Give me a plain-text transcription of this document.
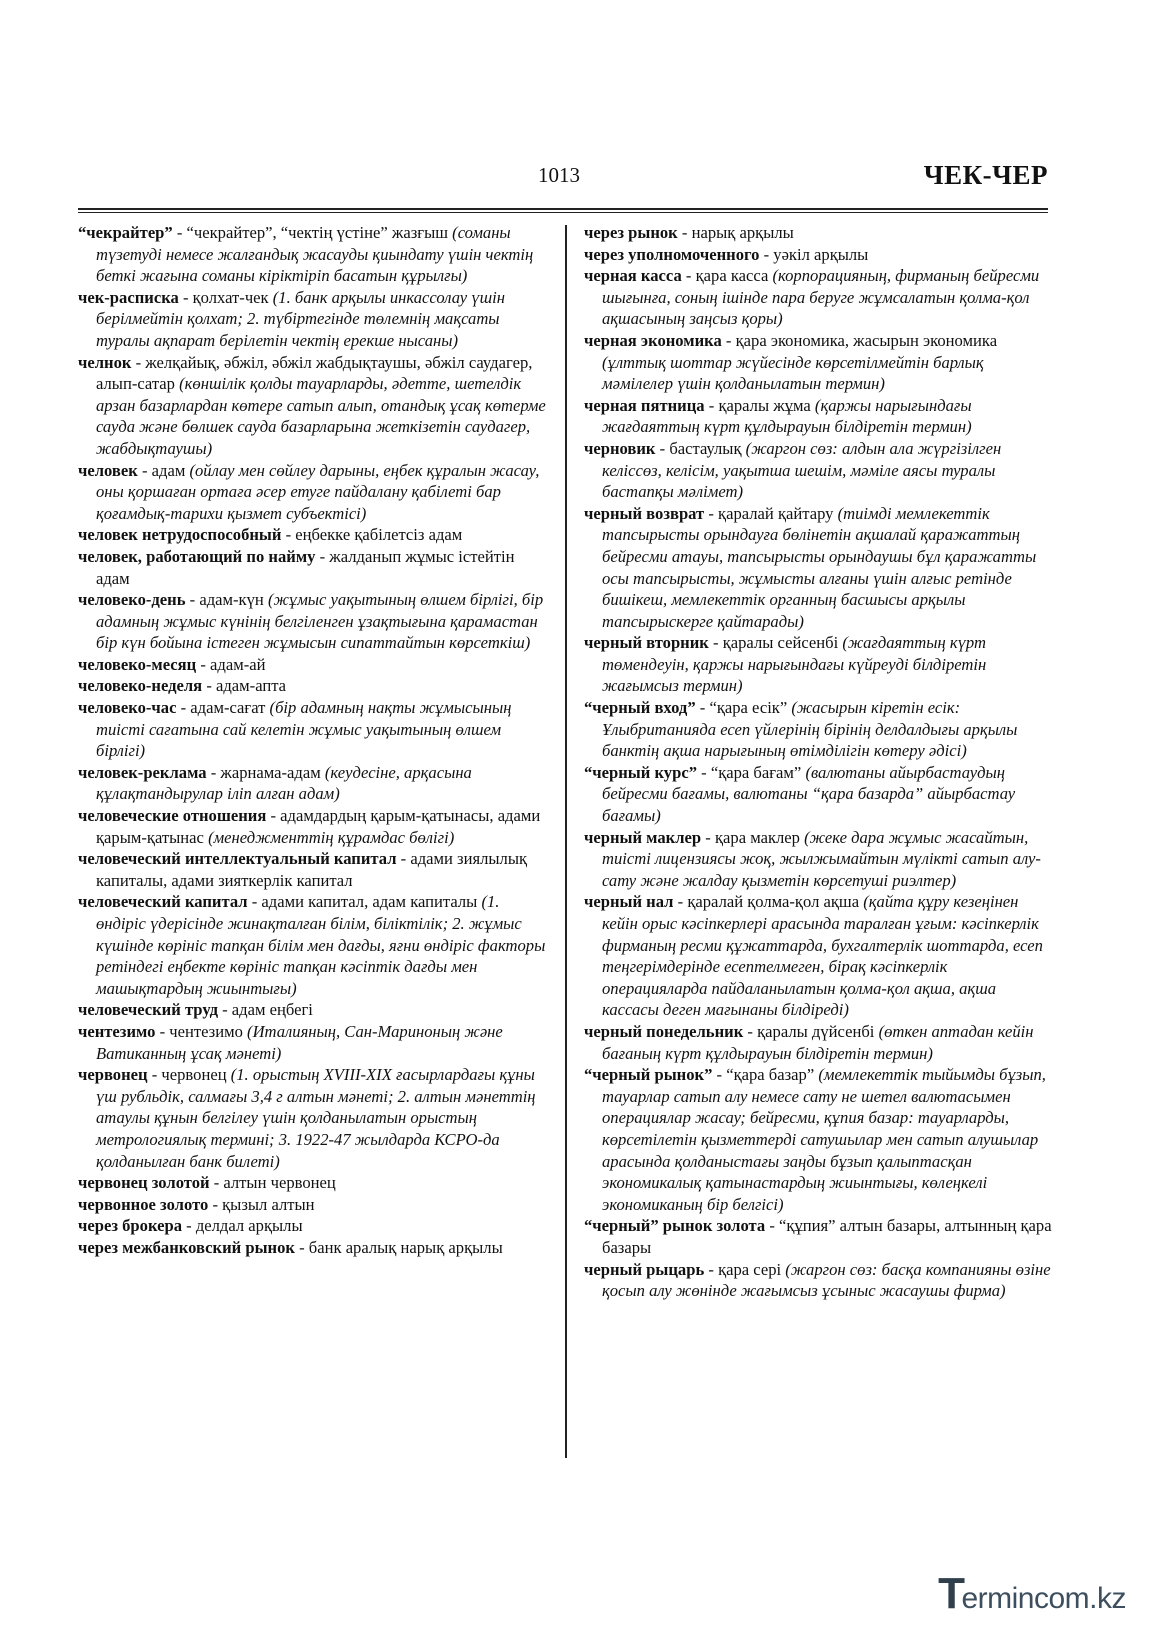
1013	ЧЕК-ЧЕР

“чекрайтер” - “чекрайтер”, “чектің үстіне” жазғыш (соманы түзетуді немесе жалғандық жасауды қиындату үшін чектің беткі жағына соманы кіріктіріп басатын құрылғы)

чек-расписка - қолхат-чек (1. банк арқылы инкассолау үшін берілмейтін қолхат; 2. түбіртегінде төлемнің мақсаты туралы ақпарат берілетін чектің ерекше нысаны)

челнок - желқайық, әбжіл, әбжіл жабдықтаушы, әбжіл саудагер, алып-сатар (көншілік қолды тауарларды, әдетте, шетелдік арзан базарлардан көтере сатып алып, отандық ұсақ көтерме сауда және бөлшек сауда базарларына жеткізетін саудагер, жабдықтаушы)

человек - адам (ойлау мен сөйлеу дарыны, еңбек құралын жасау, оны қоршаған ортаға әсер етуге пайдалану қабілеті бар қоғамдық-тарихи қызмет субъектісі)

человек нетрудоспособный - еңбекке қабілетсіз адам

человек, работающий по найму - жалданып жұмыс істейтін адам

человеко-день - адам-күн (жұмыс уақытының өлшем бірлігі, бір адамның жұмыс күнінің белгіленген ұзақтығына қарамастан бір күн бойына істеген жұмысын сипаттайтын көрсеткіш)

человеко-месяц - адам-ай

человеко-неделя - адам-апта

человеко-час - адам-сағат (бір адамның нақты жұмысының тиісті сағатына сай келетін жұмыс уақытының өлшем бірлігі)

человек-реклама - жарнама-адам (кеудесіне, арқасына құлақтандырулар іліп алған адам)

человеческие отношения - адамдардың қарым-қатынасы, адами қарым-қатынас (менеджменттің құрамдас бөлігі)

человеческий интеллектуальный капитал - адами зиялылық капиталы, адами зияткерлік капитал

человеческий капитал - адами капитал, адам капиталы (1. өндіріс үдерісінде жинақталған білім, біліктілік; 2. жұмыс күшінде көрініс тапқан білім мен дағды, яғни өндіріс факторы ретіндегі еңбекте көрініс тапқан кәсіптік дағды мен машықтардың жиынтығы)

человеческий труд - адам еңбегі

чентезимо - чентезимо (Италияның, Сан-Мариноның және Ватиканның ұсақ мәнеті)

червонец - червонец (1. орыстың XVIII-XIX ғасырлардағы құны үш рубльдік, салмағы 3,4 г алтын мәнеті; 2. алтын мәнеттің атаулы құнын белгілеу үшін қолданылатын орыстың метрологиялық термині; 3. 1922-47 жылдарда КСРО-да қолданылған банк билеті)

червонец золотой - алтын червонец

червонное золото - қызыл алтын

через брокера - делдал арқылы

через межбанковский рынок - банк аралық нарық арқылы

через рынок - нарық арқылы

через уполномоченного - уәкіл арқылы

черная касса - қара касса (корпорацияның, фирманың бейресми шығынға, соның ішінде пара беруге жұмсалатын қолма-қол ақшасының заңсыз қоры)

черная экономика - қара экономика, жасырын экономика (ұлттық шоттар жүйесінде көрсетілмейтін барлық мәмілелер үшін қолданылатын термин)

черная пятница - қаралы жұма (қаржы нарығындағы жағдаяттың күрт құлдырауын білдіретін термин)

черновик - бастаулық (жаргон сөз: алдын ала жүргізілген келіссөз, келісім, уақытша шешім, мәміле аясы туралы бастапқы мәлімет)

черный возврат - қаралай қайтару (тиімді мемлекеттік тапсырысты орындауға бөлінетін ақшалай қаражаттың бейресми атауы, тапсырысты орындаушы бұл қаражатты осы тапсырысты, жұмысты алғаны үшін алғыс ретінде бишікеш, мемлекеттік органның басшысы арқылы тапсырыскерге қайтарады)

черный вторник - қаралы сейсенбі (жағдаяттың күрт төмендеуін, қаржы нарығындағы күйреуді білдіретін жағымсыз термин)

“черный вход” - “қара есік” (жасырын кіретін есік: Ұлыбританияда есеп үйлерінің бірінің делдалдығы арқылы банктің ақша нарығының өтімділігін көтеру әдісі)

“черный курс” - “қара бағам” (валютаны айырбастаудың бейресми бағамы, валютаны “қара базарда” айырбастау бағамы)

черный маклер - қара маклер (жеке дара жұмыс жасайтын, тиісті лицензиясы жоқ, жылжымайтын мүлікті сатып алу-сату және жалдау қызметін көрсетуші риэлтер)

черный нал - қаралай қолма-қол ақша (қайта құру кезеңінен кейін орыс кәсіпкерлері арасында таралған ұғым: кәсіпкерлік фирманың ресми құжаттарда, бухгалтерлік шоттарда, есеп теңгерімдерінде есептелмеген, бірақ кәсіпкерлік операцияларда пайдаланылатын қолма-қол ақша, ақша кассасы деген мағынаны білдіреді)

черный понедельник - қаралы дүйсенбі (өткен аптадан кейін бағаның күрт құлдырауын білдіретін термин)

“черный рынок” - “қара базар” (мемлекеттік тыйымды бұзып, тауарлар сатып алу немесе сату не шетел валютасымен операциялар жасау; бейресми, құпия базар: тауарларды, көрсетілетін қызметтерді сатушылар мен сатып алушылар арасында қолданыстағы заңды бұзып қалыптасқан экономикалық қатынастардың жиынтығы, көлеңкелі экономиканың бір белгісі)

“черный” рынок золота - “құпия” алтын базары, алтынның қара базары

черный рыцарь - қара серi (жаргон сөз: басқа компанияны өзіне қосып алу жөнінде жағымсыз ұсыныс жасаушы фирма)

Termincom.kz
